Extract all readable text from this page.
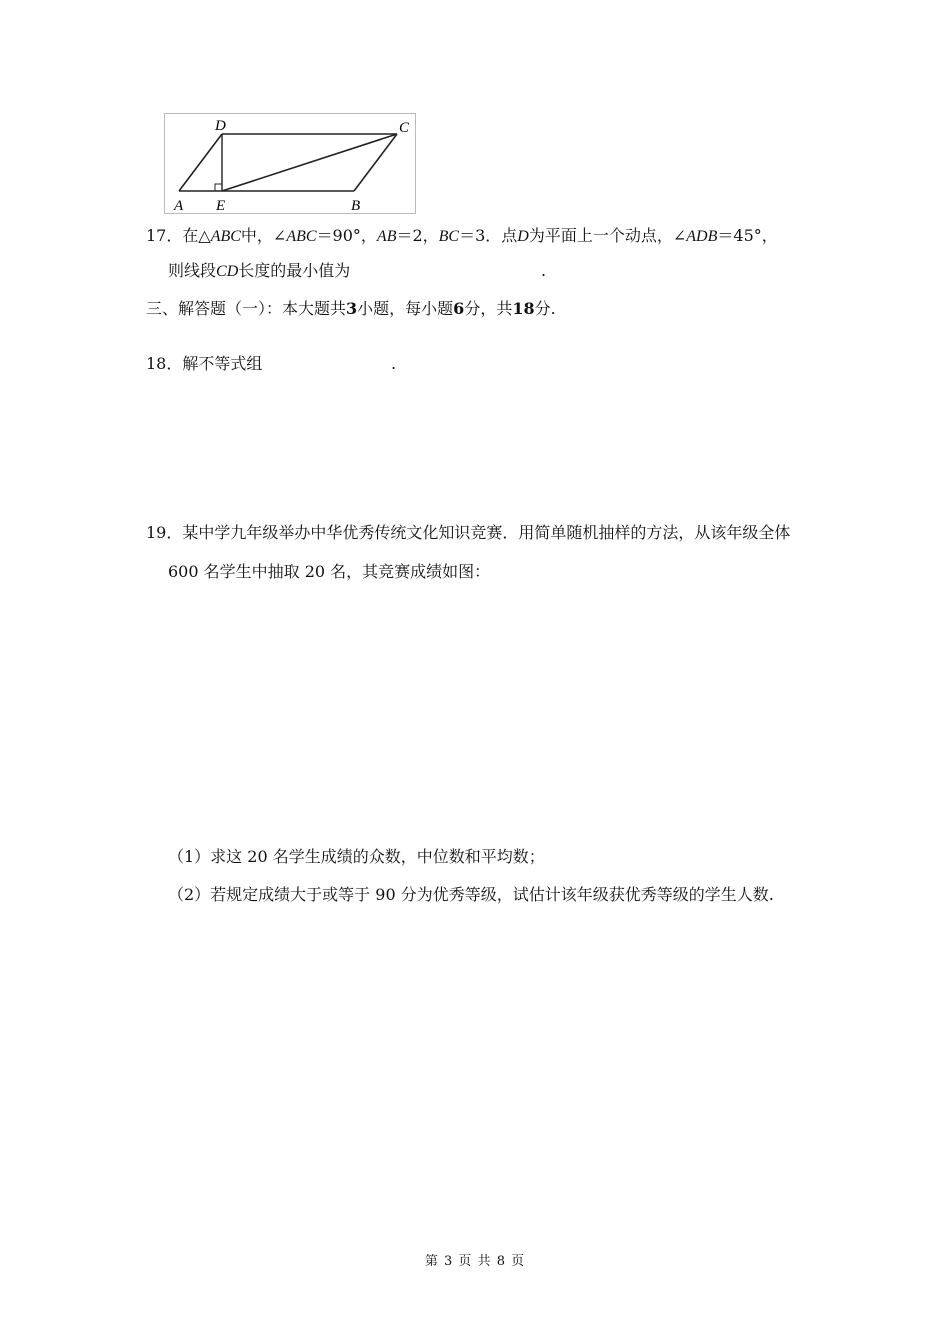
A	B
C
D
E
17．在△ABC中，∠ABC＝90°，AB＝2，BC＝3．点D为平面上一个动点，∠ADB＝45°，
则线段CD长度的最小值为	.
三、解答题（一）：本大题共3小题，每小题6分，共18分.
18．解不等式组	.
19．某中学九年级举办中华优秀传统文化知识竞赛．用简单随机抽样的方法，从该年级全体
600 名学生中抽取 20 名，其竞赛成绩如图：
（1）求这 20 名学生成绩的众数，中位数和平均数；
（2）若规定成绩大于或等于 90 分为优秀等级，试估计该年级获优秀等级的学生人数.
第 3 页 共 8 页
